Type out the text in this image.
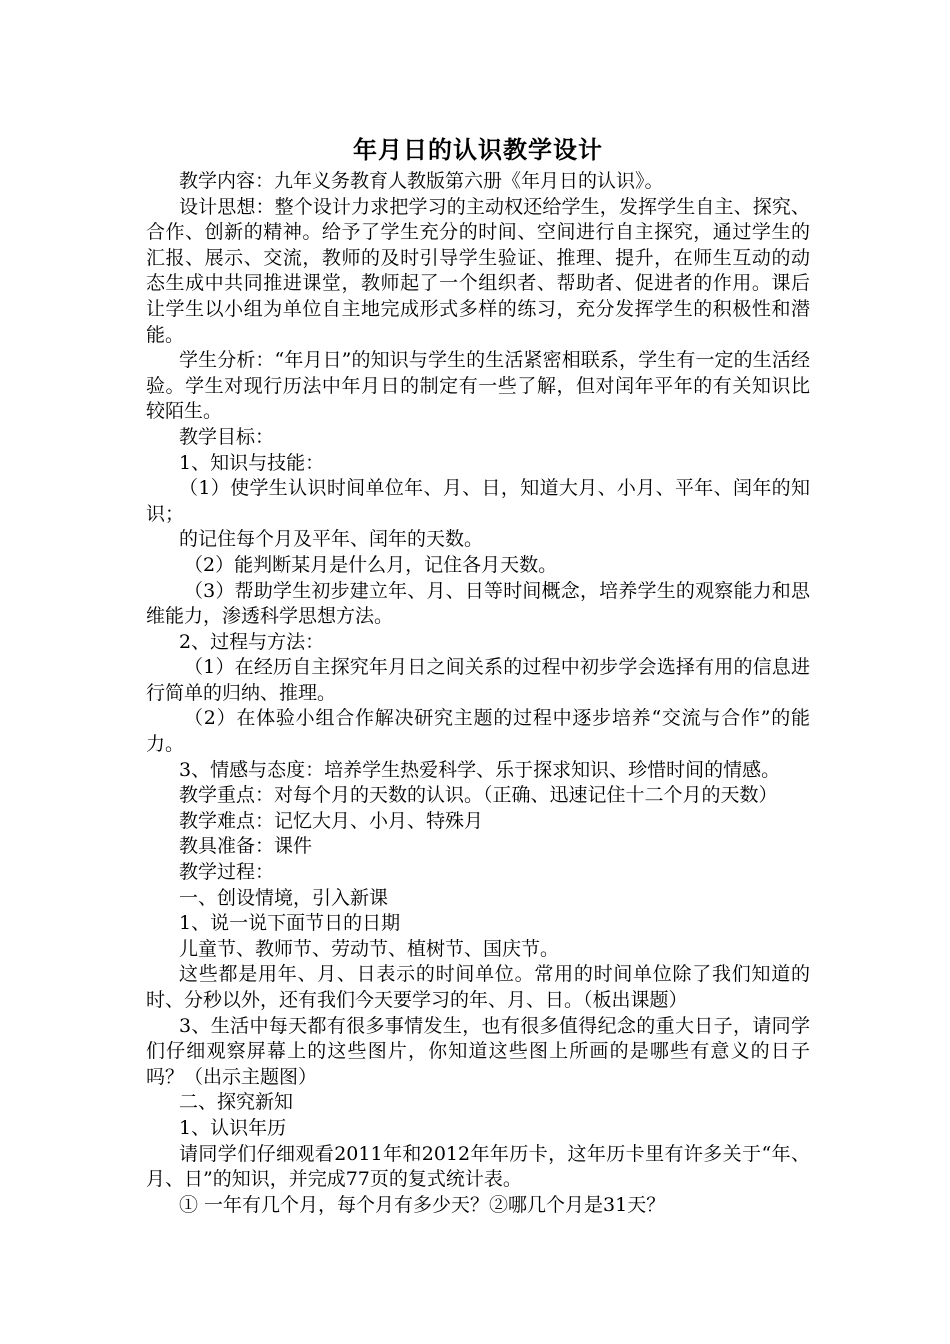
年月日的认识教学设计

教学内容：九年义务教育人教版第六册《年月日的认识》。

设计思想：整个设计力求把学习的主动权还给学生，发挥学生自主、探究、合作、创新的精神。给予了学生充分的时间、空间进行自主探究，通过学生的汇报、展示、交流，教师的及时引导学生验证、推理、提升，在师生互动的动态生成中共同推进课堂，教师起了一个组织者、帮助者、促进者的作用。课后让学生以小组为单位自主地完成形式多样的练习，充分发挥学生的积极性和潜能。

学生分析：“年月日”的知识与学生的生活紧密相联系，学生有一定的生活经验。学生对现行历法中年月日的制定有一些了解，但对闰年平年的有关知识比较陌生。

教学目标：

1、知识与技能：

（1）使学生认识时间单位年、月、日，知道大月、小月、平年、闰年的知识；

的记住每个月及平年、闰年的天数。

（2）能判断某月是什么月，记住各月天数。

（3）帮助学生初步建立年、月、日等时间概念，培养学生的观察能力和思维能力，渗透科学思想方法。

2、过程与方法：

（1）在经历自主探究年月日之间关系的过程中初步学会选择有用的信息进行简单的归纳、推理。

（2）在体验小组合作解决研究主题的过程中逐步培养“交流与合作”的能力。

3、情感与态度：培养学生热爱科学、乐于探求知识、珍惜时间的情感。

教学重点：对每个月的天数的认识。（正确、迅速记住十二个月的天数）

教学难点：记忆大月、小月、特殊月

教具准备：课件

教学过程：

一、创设情境，引入新课

1、说一说下面节日的日期

儿童节、教师节、劳动节、植树节、国庆节。

这些都是用年、月、日表示的时间单位。常用的时间单位除了我们知道的时、分秒以外，还有我们今天要学习的年、月、日。（板出课题）

3、生活中每天都有很多事情发生，也有很多值得纪念的重大日子，请同学们仔细观察屏幕上的这些图片，你知道这些图上所画的是哪些有意义的日子吗？（出示主题图）

二、探究新知

1、认识年历

请同学们仔细观看2011年和2012年年历卡，这年历卡里有许多关于“年、月、日”的知识，并完成77页的复式统计表。

① 一年有几个月，每个月有多少天？②哪几个月是31天？
